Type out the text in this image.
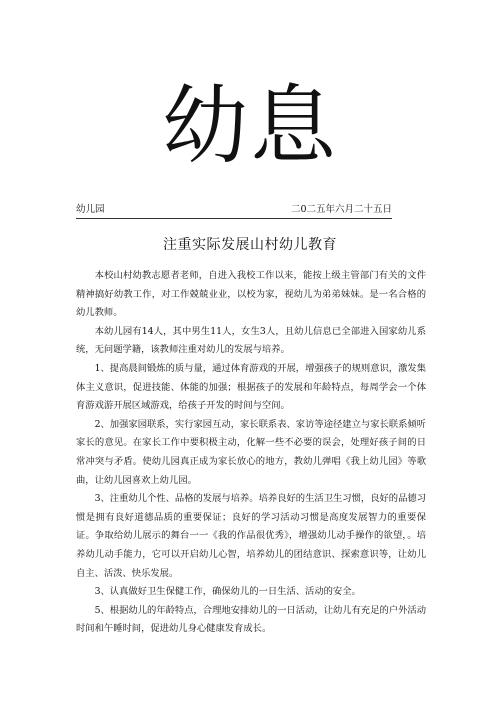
幼息
幼儿园	二0二五年六月二十五日
注重实际发展山村幼儿教育

本校山村幼教志愿者老师，自进入我校工作以来，能按上级主管部门有关的文件精神搞好幼教工作，对工作兢兢业业，以校为家，视幼儿为弟弟妹妹。是一名合格的幼儿教师。

本幼儿园有14人，其中男生11人，女生3人，且幼儿信息已全部进入国家幼儿系统，无问题学籍，该教师注重对幼儿的发展与培养。

1、提高晨间锻炼的质与量，通过体育游戏的开展，增强孩子的规则意识，激发集体主义意识，促进技能、体能的加强；根据孩子的发展和年龄特点，每周学会一个体育游戏游开展区域游戏，给孩子开发的时间与空间。

2、加强家园联系，实行家园互动，家长联系表、家访等途径建立与家长联系倾听家长的意见。在家长工作中要积极主动，化解一些不必要的误会，处理好孩子间的日常冲突与矛盾。使幼儿园真正成为家长放心的地方，教幼儿弹唱《我上幼儿园》等歌曲，让幼儿园喜欢上幼儿园。

3、注重幼儿个性、品格的发展与培养。培养良好的生活卫生习惯，良好的品德习惯是拥有良好道德品质的重要保证；良好的学习活动习惯是高度发展智力的重要保证。争取给幼儿展示的舞台一一《我的作品很优秀》，增强幼儿动手操作的欲望，。培养幼儿动手能力，它可以开启幼儿心智，培养幼儿的团结意识、探索意识等，让幼儿自主、活泼、快乐发展。

3、认真做好卫生保健工作，确保幼儿的一日生活、活动的安全。

5、根据幼儿的年龄特点，合理地安排幼儿的一日活动，让幼儿有充足的户外活动时间和午睡时间，促进幼儿身心健康发育成长。
